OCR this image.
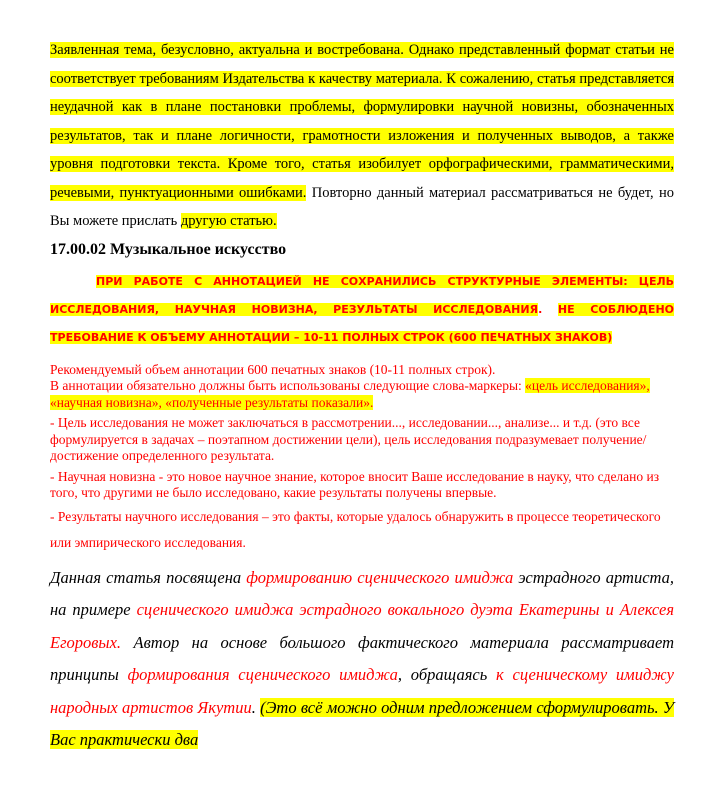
Заявленная тема, безусловно, актуальна и востребована. Однако представленный формат статьи не соответствует требованиям Издательства к качеству материала. К сожалению, статья представляется неудачной как в плане постановки проблемы, формулировки научной новизны, обозначенных результатов, так и плане логичности, грамотности изложения и полученных выводов, а также уровня подготовки текста. Кроме того, статья изобилует орфографическими, грамматическими, речевыми, пунктуационными ошибками. Повторно данный материал рассматриваться не будет, но Вы можете прислать другую статью.

17.00.02 Музыкальное искусство

ПРИ РАБОТЕ С АННОТАЦИЕЙ НЕ СОХРАНИЛИСЬ СТРУКТУРНЫЕ ЭЛЕМЕНТЫ: ЦЕЛЬ ИССЛЕДОВАНИЯ, НАУЧНАЯ НОВИЗНА, РЕЗУЛЬТАТЫ ИССЛЕДОВАНИЯ. НЕ СОБЛЮДЕНО ТРЕБОВАНИЕ К ОБЪЕМУ АННОТАЦИИ – 10-11 ПОЛНЫХ СТРОК (600 ПЕЧАТНЫХ ЗНАКОВ)

Рекомендуемый объем аннотации 600 печатных знаков (10-11 полных строк).

В аннотации обязательно должны быть использованы следующие слова-маркеры: «цель исследования», «научная новизна», «полученные результаты показали».

- Цель исследования не может заключаться в рассмотрении..., исследовании..., анализе... и т.д. (это все формулируется в задачах – поэтапном достижении цели), цель исследования подразумевает получение/достижение определенного результата.

- Научная новизна - это новое научное знание, которое вносит Ваше исследование в науку, что сделано из того, что другими не было исследовано, какие результаты получены впервые.

- Результаты научного исследования – это факты, которые удалось обнаружить в процессе теоретического или эмпирического исследования.

Данная статья посвящена формированию сценического имиджа эстрадного артиста, на примере сценического имиджа эстрадного вокального дуэта Екатерины и Алексея Егоровых. Автор на основе большого фактического материала рассматривает принципы формирования сценического имиджа, обращаясь к сценическому имиджу народных артистов Якутии. (Это всё можно одним предложением сформулировать. У Вас практически два
